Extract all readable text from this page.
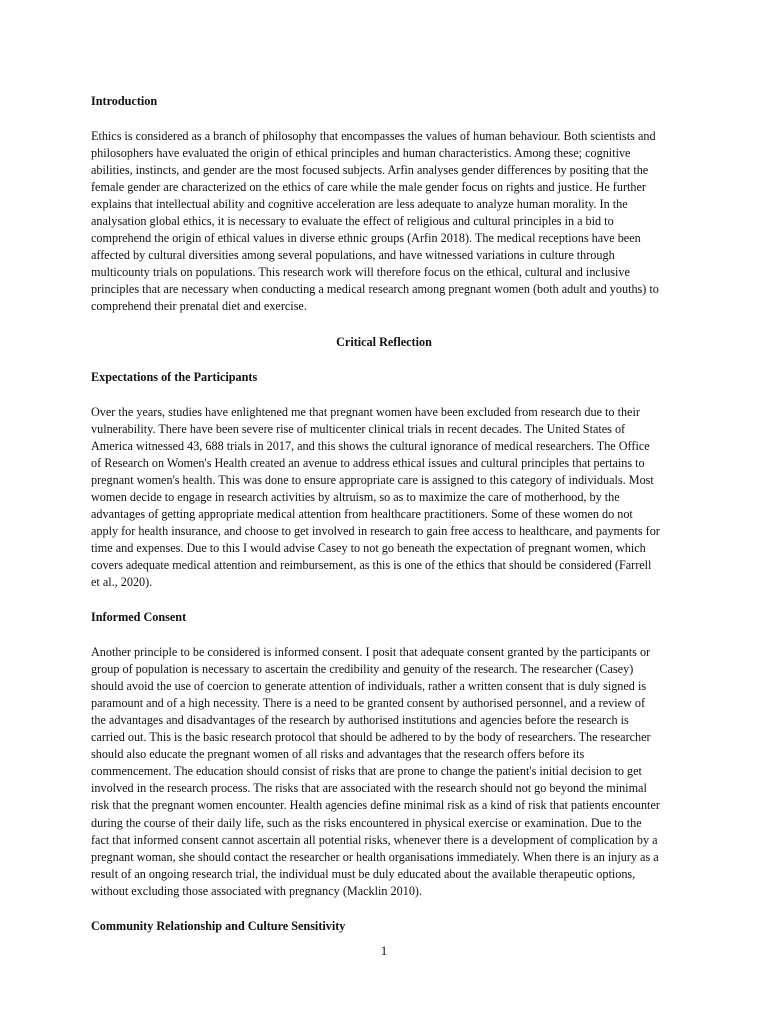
Introduction
Ethics is considered as a branch of philosophy that encompasses the values of human behaviour. Both scientists and
philosophers have evaluated the origin of ethical principles and human characteristics. Among these; cognitive
abilities, instincts, and gender are the most focused subjects. Arfin analyses gender differences by positing that the
female gender are characterized on the ethics of care while the male gender focus on rights and justice. He further
explains that intellectual ability and cognitive acceleration are less adequate to analyze human morality. In the
analysation global ethics, it is necessary to evaluate the effect of religious and cultural principles in a bid to
comprehend the origin of ethical values in diverse ethnic groups (Arfin 2018). The medical receptions have been
affected by cultural diversities among several populations, and have witnessed variations in culture through
multicounty trials on populations. This research work will therefore focus on the ethical, cultural and inclusive
principles that are necessary when conducting a medical research among pregnant women (both adult and youths) to
comprehend their prenatal diet and exercise.
Critical Reflection
Expectations of the Participants
Over the years, studies have enlightened me that pregnant women have been excluded from research due to their
vulnerability. There have been severe rise of multicenter clinical trials in recent decades. The United States of
America witnessed 43, 688 trials in 2017, and this shows the cultural ignorance of medical researchers. The Office
of Research on Women's Health created an avenue to address ethical issues and cultural principles that pertains to
pregnant women's health. This was done to ensure appropriate care is assigned to this category of individuals. Most
women decide to engage in research activities by altruism, so as to maximize the care of motherhood, by the
advantages of getting appropriate medical attention from healthcare practitioners. Some of these women do not
apply for health insurance, and choose to get involved in research to gain free access to healthcare, and payments for
time and expenses. Due to this I would advise Casey to not go beneath the expectation of pregnant women, which
covers adequate medical attention and reimbursement, as this is one of the ethics that should be considered (Farrell
et al., 2020).
Informed Consent
Another principle to be considered is informed consent. I posit that adequate consent granted by the participants or
group of population is necessary to ascertain the credibility and genuity of the research. The researcher (Casey)
should avoid the use of coercion to generate attention of individuals, rather a written consent that is duly signed is
paramount and of a high necessity. There is a need to be granted consent by authorised personnel, and a review of
the advantages and disadvantages of the research by authorised institutions and agencies before the research is
carried out. This is the basic research protocol that should be adhered to by the body of researchers. The researcher
should also educate the pregnant women of all risks and advantages that the research offers before its
commencement. The education should consist of risks that are prone to change the patient's initial decision to get
involved in the research process. The risks that are associated with the research should not go beyond the minimal
risk that the pregnant women encounter. Health agencies define minimal risk as a kind of risk that patients encounter
during the course of their daily life, such as the risks encountered in physical exercise or examination. Due to the
fact that informed consent cannot ascertain all potential risks, whenever there is a development of complication by a
pregnant woman, she should contact the researcher or health organisations immediately. When there is an injury as a
result of an ongoing research trial, the individual must be duly educated about the available therapeutic options,
without excluding those associated with pregnancy (Macklin 2010).
Community Relationship and Culture Sensitivity
1
